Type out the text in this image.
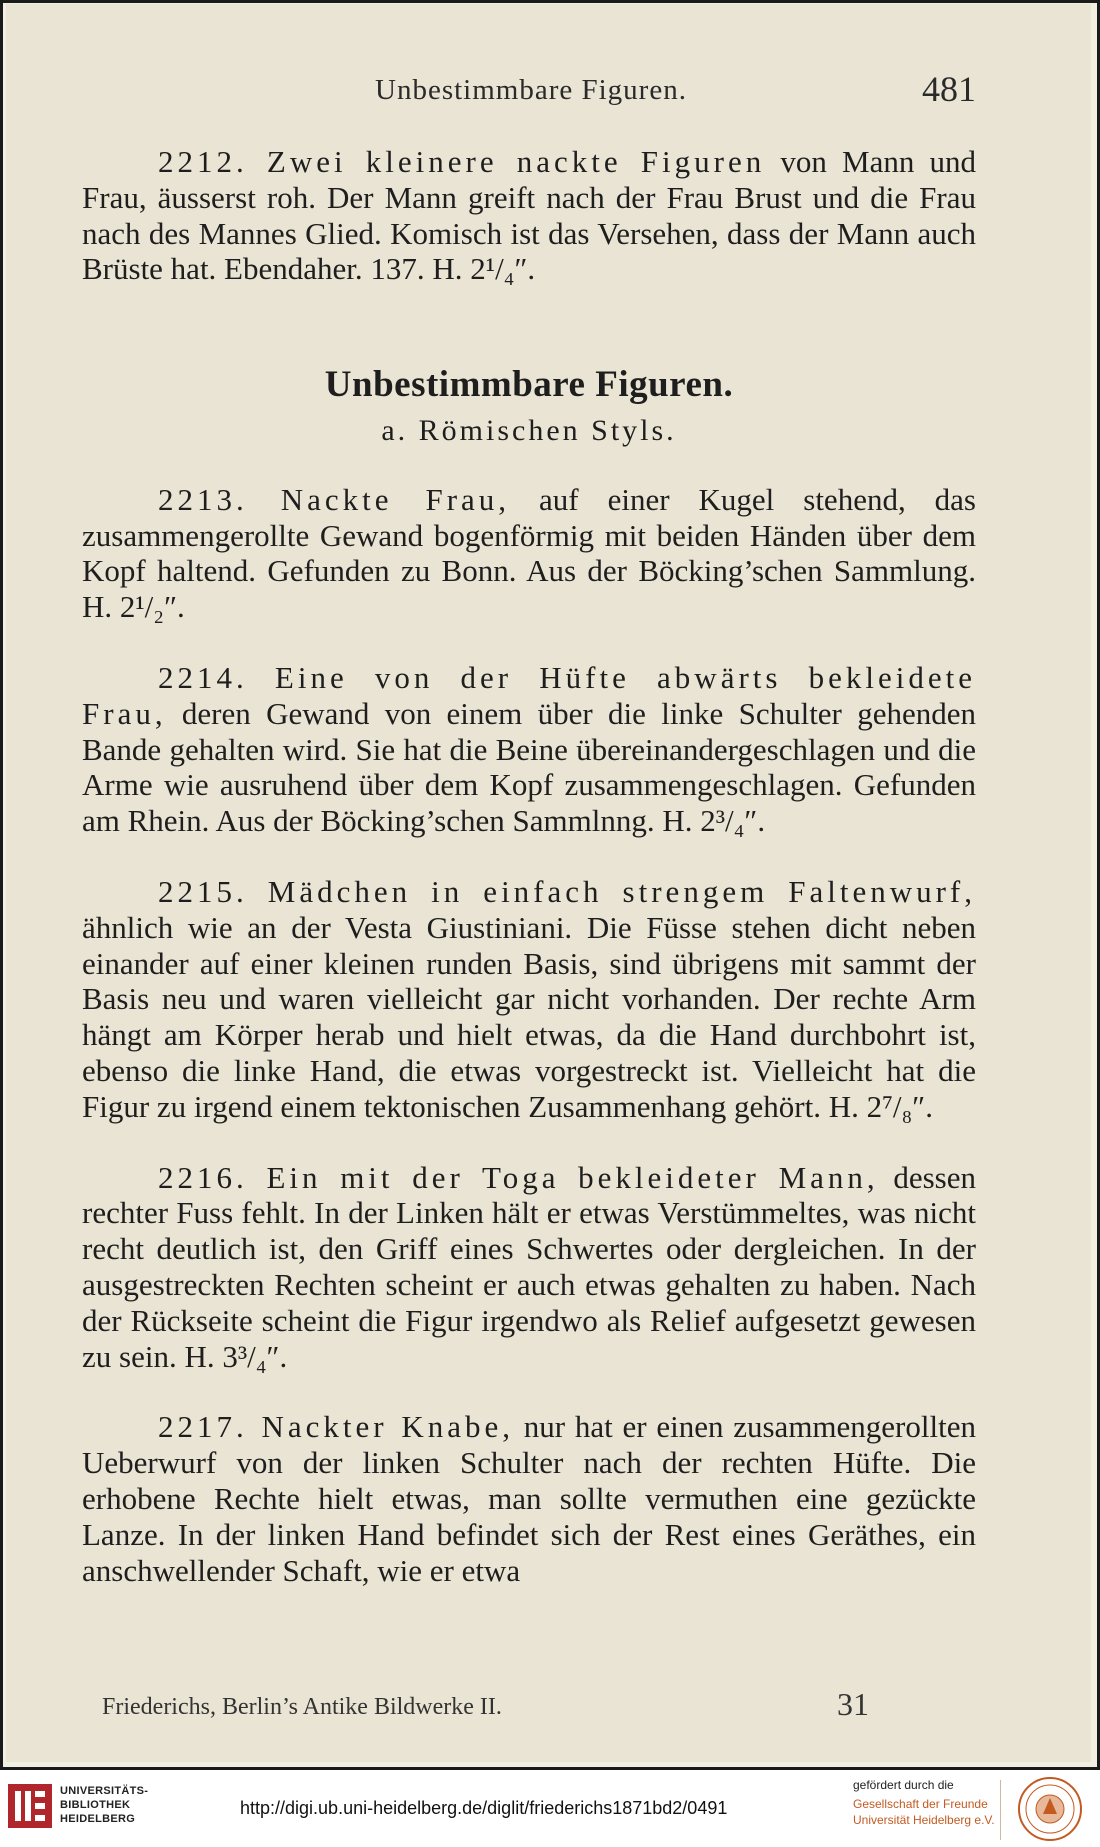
Unbestimmbare Figuren.	481

2212. Zwei kleinere nackte Figuren von Mann und Frau, äusserst roh. Der Mann greift nach der Frau Brust und die Frau nach des Mannes Glied. Komisch ist das Versehen, dass der Mann auch Brüste hat. Ebendaher. 137. H. 2¹/₄″.

Unbestimmbare Figuren.
a. Römischen Styls.

2213. Nackte Frau, auf einer Kugel stehend, das zusammengerollte Gewand bogenförmig mit beiden Händen über dem Kopf haltend. Gefunden zu Bonn. Aus der Böcking’schen Sammlung. H. 2¹/₂″.

2214. Eine von der Hüfte abwärts bekleidete Frau, deren Gewand von einem über die linke Schulter gehenden Bande gehalten wird. Sie hat die Beine übereinandergeschlagen und die Arme wie ausruhend über dem Kopf zusammengeschlagen. Gefunden am Rhein. Aus der Böcking’schen Sammlnng. H. 2³/₄″.

2215. Mädchen in einfach strengem Faltenwurf, ähnlich wie an der Vesta Giustiniani. Die Füsse stehen dicht neben einander auf einer kleinen runden Basis, sind übrigens mit sammt der Basis neu und waren vielleicht gar nicht vorhanden. Der rechte Arm hängt am Körper herab und hielt etwas, da die Hand durchbohrt ist, ebenso die linke Hand, die etwas vorgestreckt ist. Vielleicht hat die Figur zu irgend einem tektonischen Zusammenhang gehört. H. 2⁷/₈″.

2216. Ein mit der Toga bekleideter Mann, dessen rechter Fuss fehlt. In der Linken hält er etwas Verstümmeltes, was nicht recht deutlich ist, den Griff eines Schwertes oder dergleichen. In der ausgestreckten Rechten scheint er auch etwas gehalten zu haben. Nach der Rückseite scheint die Figur irgendwo als Relief aufgesetzt gewesen zu sein. H. 3³/₄″.

2217. Nackter Knabe, nur hat er einen zusammengerollten Ueberwurf von der linken Schulter nach der rechten Hüfte. Die erhobene Rechte hielt etwas, man sollte vermuthen eine gezückte Lanze. In der linken Hand befindet sich der Rest eines Geräthes, ein anschwellender Schaft, wie er etwa

Friederichs, Berlin’s Antike Bildwerke II.	31
UNIVERSITÄTS-
BIBLIOTHEK
HEIDELBERG
http://digi.ub.uni-heidelberg.de/diglit/friederichs1871bd2/0491
gefördert durch die
Gesellschaft der Freunde
Universität Heidelberg e.V.
